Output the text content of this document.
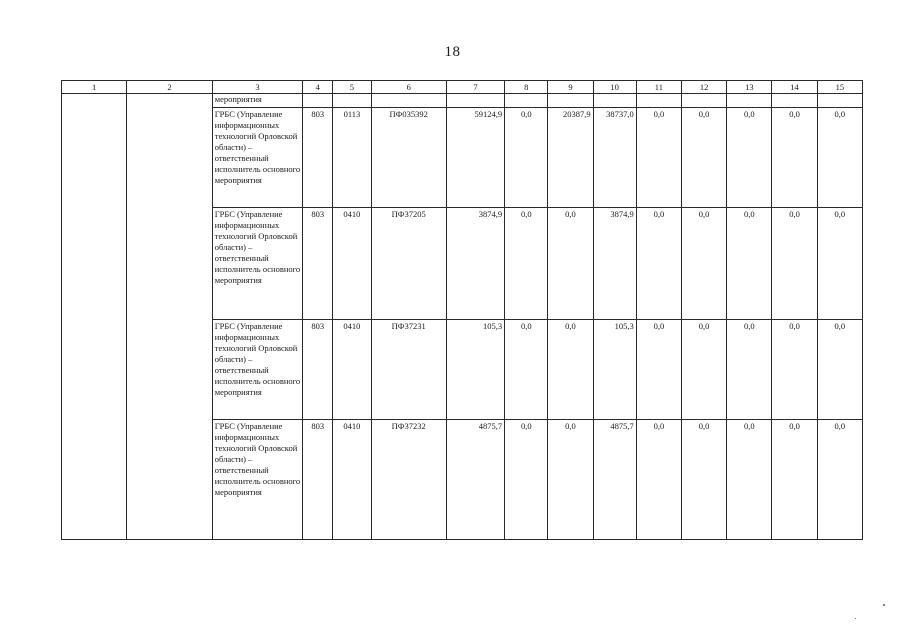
18
1	2	3	4	5	6	7	8	9	10	11	12	13	14	15
		мероприятия												
		ГРБС (Управление информационных технологий Орловской области) – ответственный исполнитель основного мероприятия	803	0113	ПФ035392	59124,9	0,0	20387,9	38737,0	0,0	0,0	0,0	0,0	0,0
		ГРБС (Управление информационных технологий Орловской области) – ответственный исполнитель основного мероприятия	803	0410	ПФ37205	3874,9	0,0	0,0	3874,9	0,0	0,0	0,0	0,0	0,0
		ГРБС (Управление информационных технологий Орловской области) – ответственный исполнитель основного мероприятия	803	0410	ПФ37231	105,3	0,0	0,0	105,3	0,0	0,0	0,0	0,0	0,0
		ГРБС (Управление информационных технологий Орловской области) – ответственный исполнитель основного мероприятия	803	0410	ПФ37232	4875,7	0,0	0,0	4875,7	0,0	0,0	0,0	0,0	0,0
